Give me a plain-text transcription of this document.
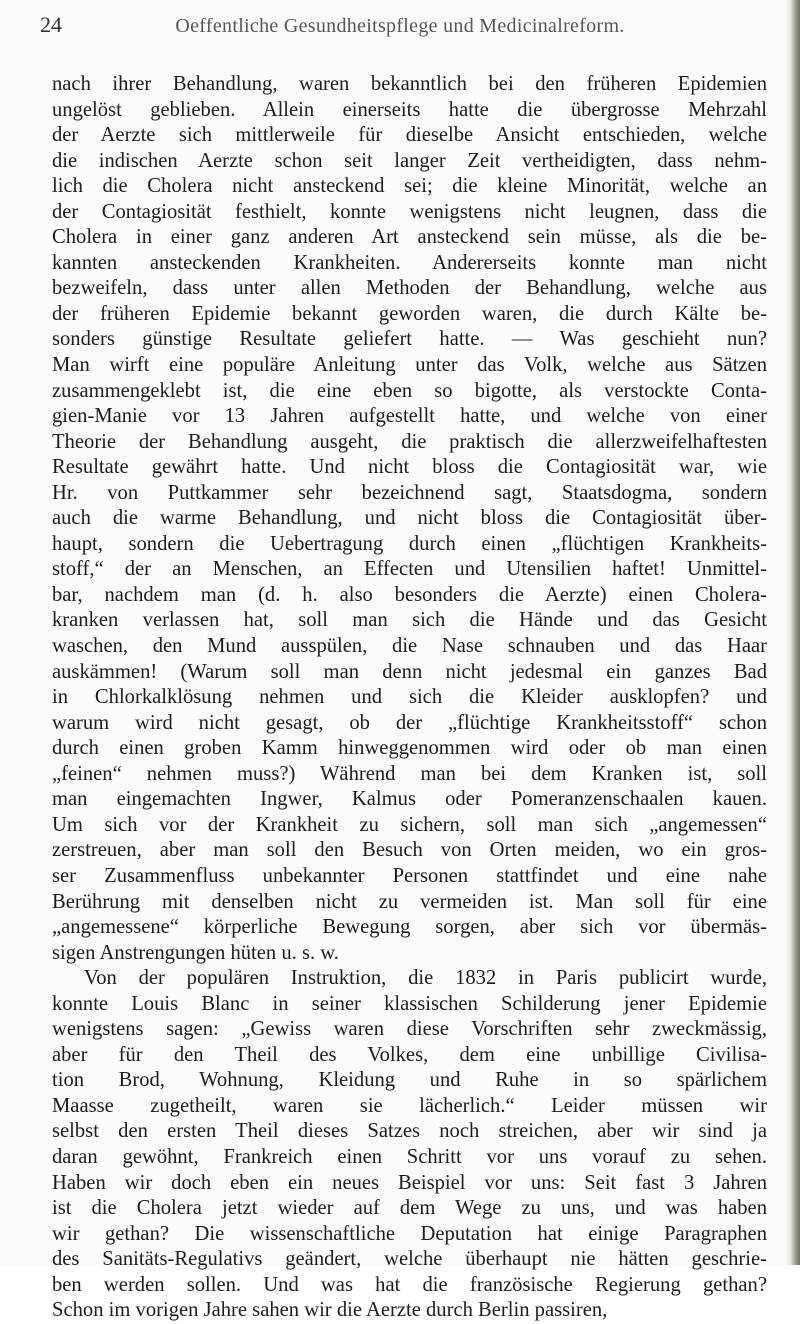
24	Oeffentliche Gesundheitspflege und Medicinalreform.
nach ihrer Behandlung, waren bekanntlich bei den früheren Epidemien
ungelöst geblieben. Allein einerseits hatte die übergrosse Mehrzahl
der Aerzte sich mittlerweile für dieselbe Ansicht entschieden, welche
die indischen Aerzte schon seit langer Zeit vertheidigten, dass nehm-
lich die Cholera nicht ansteckend sei; die kleine Minorität, welche an
der Contagiosität festhielt, konnte wenigstens nicht leugnen, dass die
Cholera in einer ganz anderen Art ansteckend sein müsse, als die be-
kannten ansteckenden Krankheiten. Andererseits konnte man nicht
bezweifeln, dass unter allen Methoden der Behandlung, welche aus
der früheren Epidemie bekannt geworden waren, die durch Kälte be-
sonders günstige Resultate geliefert hatte. — Was geschieht nun?
Man wirft eine populäre Anleitung unter das Volk, welche aus Sätzen
zusammengeklebt ist, die eine eben so bigotte, als verstockte Conta-
gien-Manie vor 13 Jahren aufgestellt hatte, und welche von einer
Theorie der Behandlung ausgeht, die praktisch die allerzweifelhaftesten
Resultate gewährt hatte. Und nicht bloss die Contagiosität war, wie
Hr. von Puttkammer sehr bezeichnend sagt, Staatsdogma, sondern
auch die warme Behandlung, und nicht bloss die Contagiosität über-
haupt, sondern die Uebertragung durch einen „flüchtigen Krankheits-
stoff,“ der an Menschen, an Effecten und Utensilien haftet! Unmittel-
bar, nachdem man (d. h. also besonders die Aerzte) einen Cholera-
kranken verlassen hat, soll man sich die Hände und das Gesicht
waschen, den Mund ausspülen, die Nase schnauben und das Haar
auskämmen! (Warum soll man denn nicht jedesmal ein ganzes Bad
in Chlorkalklösung nehmen und sich die Kleider ausklopfen? und
warum wird nicht gesagt, ob der „flüchtige Krankheitsstoff“ schon
durch einen groben Kamm hinweggenommen wird oder ob man einen
„feinen“ nehmen muss?) Während man bei dem Kranken ist, soll
man eingemachten Ingwer, Kalmus oder Pomeranzenschaalen kauen.
Um sich vor der Krankheit zu sichern, soll man sich „angemessen“
zerstreuen, aber man soll den Besuch von Orten meiden, wo ein gros-
ser Zusammenfluss unbekannter Personen stattfindet und eine nahe
Berührung mit denselben nicht zu vermeiden ist. Man soll für eine
„angemessene“ körperliche Bewegung sorgen, aber sich vor übermäs-
sigen Anstrengungen hüten u. s. w.
Von der populären Instruktion, die 1832 in Paris publicirt wurde,
konnte Louis Blanc in seiner klassischen Schilderung jener Epidemie
wenigstens sagen: „Gewiss waren diese Vorschriften sehr zweckmässig,
aber für den Theil des Volkes, dem eine unbillige Civilisa-
tion Brod, Wohnung, Kleidung und Ruhe in so spärlichem
Maasse zugetheilt, waren sie lächerlich.“ Leider müssen wir
selbst den ersten Theil dieses Satzes noch streichen, aber wir sind ja
daran gewöhnt, Frankreich einen Schritt vor uns vorauf zu sehen.
Haben wir doch eben ein neues Beispiel vor uns: Seit fast 3 Jahren
ist die Cholera jetzt wieder auf dem Wege zu uns, und was haben
wir gethan? Die wissenschaftliche Deputation hat einige Paragraphen
des Sanitäts-Regulativs geändert, welche überhaupt nie hätten geschrie-
ben werden sollen. Und was hat die französische Regierung gethan?
Schon im vorigen Jahre sahen wir die Aerzte durch Berlin passiren,
